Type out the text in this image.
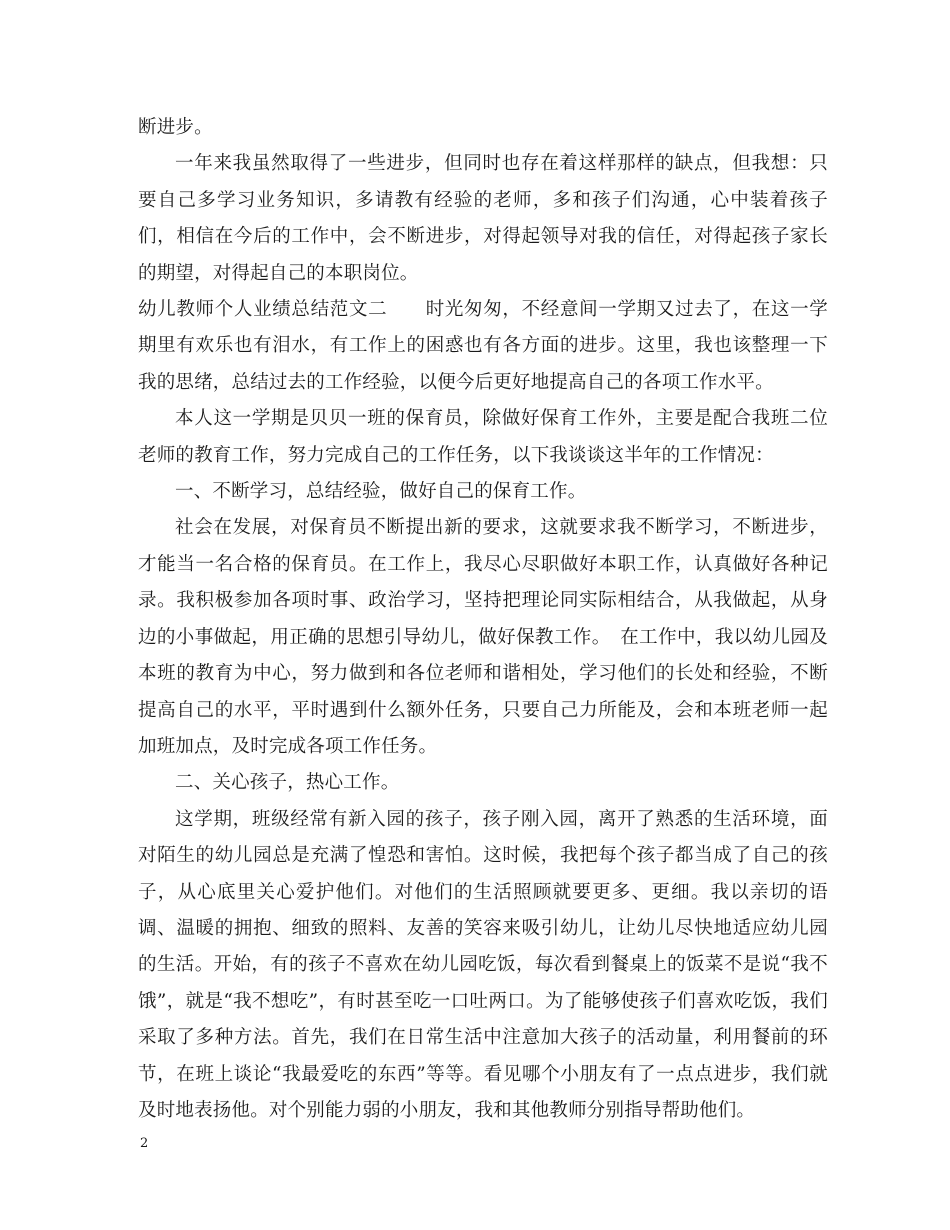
断进步。

一年来我虽然取得了一些进步，但同时也存在着这样那样的缺点，但我想：只要自己多学习业务知识，多请教有经验的老师，多和孩子们沟通，心中装着孩子们，相信在今后的工作中，会不断进步，对得起领导对我的信任，对得起孩子家长的期望，对得起自己的本职岗位。

幼儿教师个人业绩总结范文二　　时光匆匆，不经意间一学期又过去了，在这一学期里有欢乐也有泪水，有工作上的困惑也有各方面的进步。这里，我也该整理一下我的思绪，总结过去的工作经验，以便今后更好地提高自己的各项工作水平。

本人这一学期是贝贝一班的保育员，除做好保育工作外，主要是配合我班二位老师的教育工作，努力完成自己的工作任务，以下我谈谈这半年的工作情况：

一、不断学习，总结经验，做好自己的保育工作。

社会在发展，对保育员不断提出新的要求，这就要求我不断学习，不断进步，才能当一名合格的保育员。在工作上，我尽心尽职做好本职工作，认真做好各种记录。我积极参加各项时事、政治学习，坚持把理论同实际相结合，从我做起，从身边的小事做起，用正确的思想引导幼儿，做好保教工作。　在工作中，我以幼儿园及本班的教育为中心，努力做到和各位老师和谐相处，学习他们的长处和经验，不断提高自己的水平，平时遇到什么额外任务，只要自己力所能及，会和本班老师一起加班加点，及时完成各项工作任务。

二、关心孩子，热心工作。

这学期，班级经常有新入园的孩子，孩子刚入园，离开了熟悉的生活环境，面对陌生的幼儿园总是充满了惶恐和害怕。这时候，我把每个孩子都当成了自己的孩子，从心底里关心爱护他们。对他们的生活照顾就要更多、更细。我以亲切的语调、温暖的拥抱、细致的照料、友善的笑容来吸引幼儿，让幼儿尽快地适应幼儿园的生活。开始，有的孩子不喜欢在幼儿园吃饭，每次看到餐桌上的饭菜不是说“我不饿”，就是“我不想吃”，有时甚至吃一口吐两口。为了能够使孩子们喜欢吃饭，我们采取了多种方法。首先，我们在日常生活中注意加大孩子的活动量，利用餐前的环节，在班上谈论“我最爱吃的东西”等等。看见哪个小朋友有了一点点进步，我们就及时地表扬他。对个别能力弱的小朋友，我和其他教师分别指导帮助他们。

2
